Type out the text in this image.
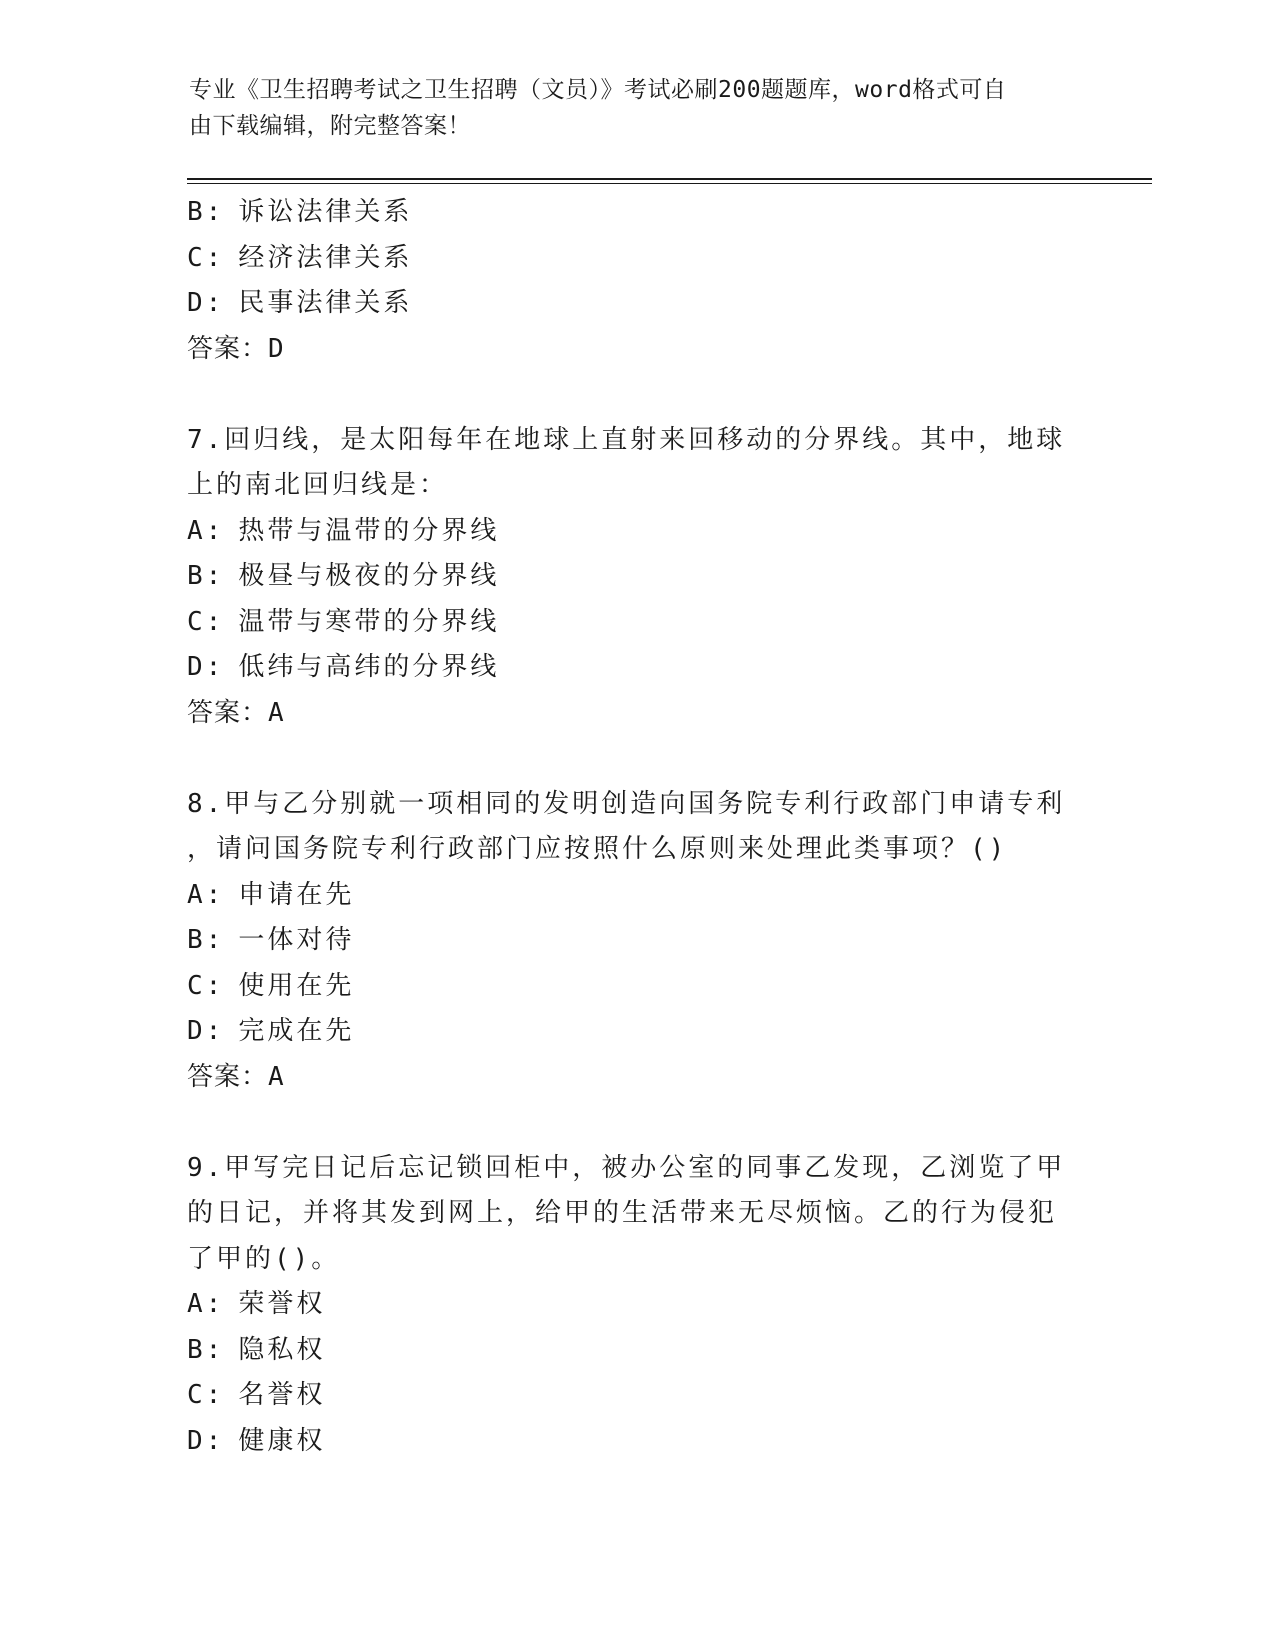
专业《卫生招聘考试之卫生招聘（文员）》考试必刷200题题库，word格式可自
由下载编辑，附完整答案！
B: 诉讼法律关系
C: 经济法律关系
D: 民事法律关系
答案：D
7.回归线，是太阳每年在地球上直射来回移动的分界线。其中，地球
上的南北回归线是：
A: 热带与温带的分界线
B: 极昼与极夜的分界线
C: 温带与寒带的分界线
D: 低纬与高纬的分界线
答案：A
8.甲与乙分别就一项相同的发明创造向国务院专利行政部门申请专利
，请问国务院专利行政部门应按照什么原则来处理此类事项？()
A: 申请在先
B: 一体对待
C: 使用在先
D: 完成在先
答案：A
9.甲写完日记后忘记锁回柜中，被办公室的同事乙发现，乙浏览了甲
的日记，并将其发到网上，给甲的生活带来无尽烦恼。乙的行为侵犯
了甲的()。
A: 荣誉权
B: 隐私权
C: 名誉权
D: 健康权
